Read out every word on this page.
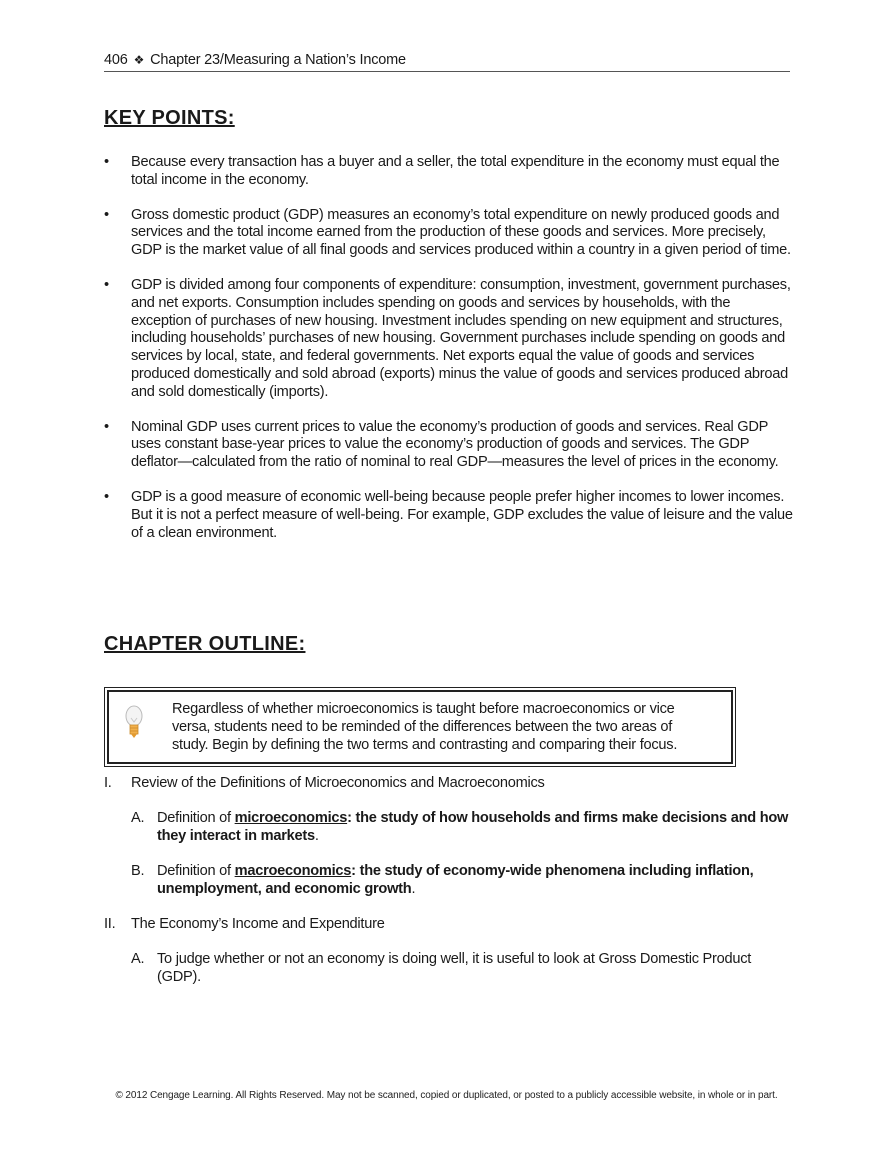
406 ❖ Chapter 23/Measuring a Nation’s Income
KEY POINTS:
• Because every transaction has a buyer and a seller, the total expenditure in the economy must equal the total income in the economy.
• Gross domestic product (GDP) measures an economy’s total expenditure on newly produced goods and services and the total income earned from the production of these goods and services. More precisely, GDP is the market value of all final goods and services produced within a country in a given period of time.
• GDP is divided among four components of expenditure: consumption, investment, government purchases, and net exports. Consumption includes spending on goods and services by households, with the exception of purchases of new housing. Investment includes spending on new equipment and structures, including households’ purchases of new housing. Government purchases include spending on goods and services by local, state, and federal governments. Net exports equal the value of goods and services produced domestically and sold abroad (exports) minus the value of goods and services produced abroad and sold domestically (imports).
• Nominal GDP uses current prices to value the economy’s production of goods and services. Real GDP uses constant base-year prices to value the economy’s production of goods and services. The GDP deflator—calculated from the ratio of nominal to real GDP—measures the level of prices in the economy.
• GDP is a good measure of economic well-being because people prefer higher incomes to lower incomes. But it is not a perfect measure of well-being. For example, GDP excludes the value of leisure and the value of a clean environment.
CHAPTER OUTLINE:
Regardless of whether microeconomics is taught before macroeconomics or vice versa, students need to be reminded of the differences between the two areas of study. Begin by defining the two terms and contrasting and comparing their focus.
I.	Review of the Definitions of Microeconomics and Macroeconomics
A. Definition of microeconomics: the study of how households and firms make decisions and how they interact in markets.
B. Definition of macroeconomics: the study of economy-wide phenomena including inflation, unemployment, and economic growth.
II.	The Economy’s Income and Expenditure
A. To judge whether or not an economy is doing well, it is useful to look at Gross Domestic Product (GDP).
© 2012 Cengage Learning. All Rights Reserved. May not be scanned, copied or duplicated, or posted to a publicly accessible website, in whole or in part.
